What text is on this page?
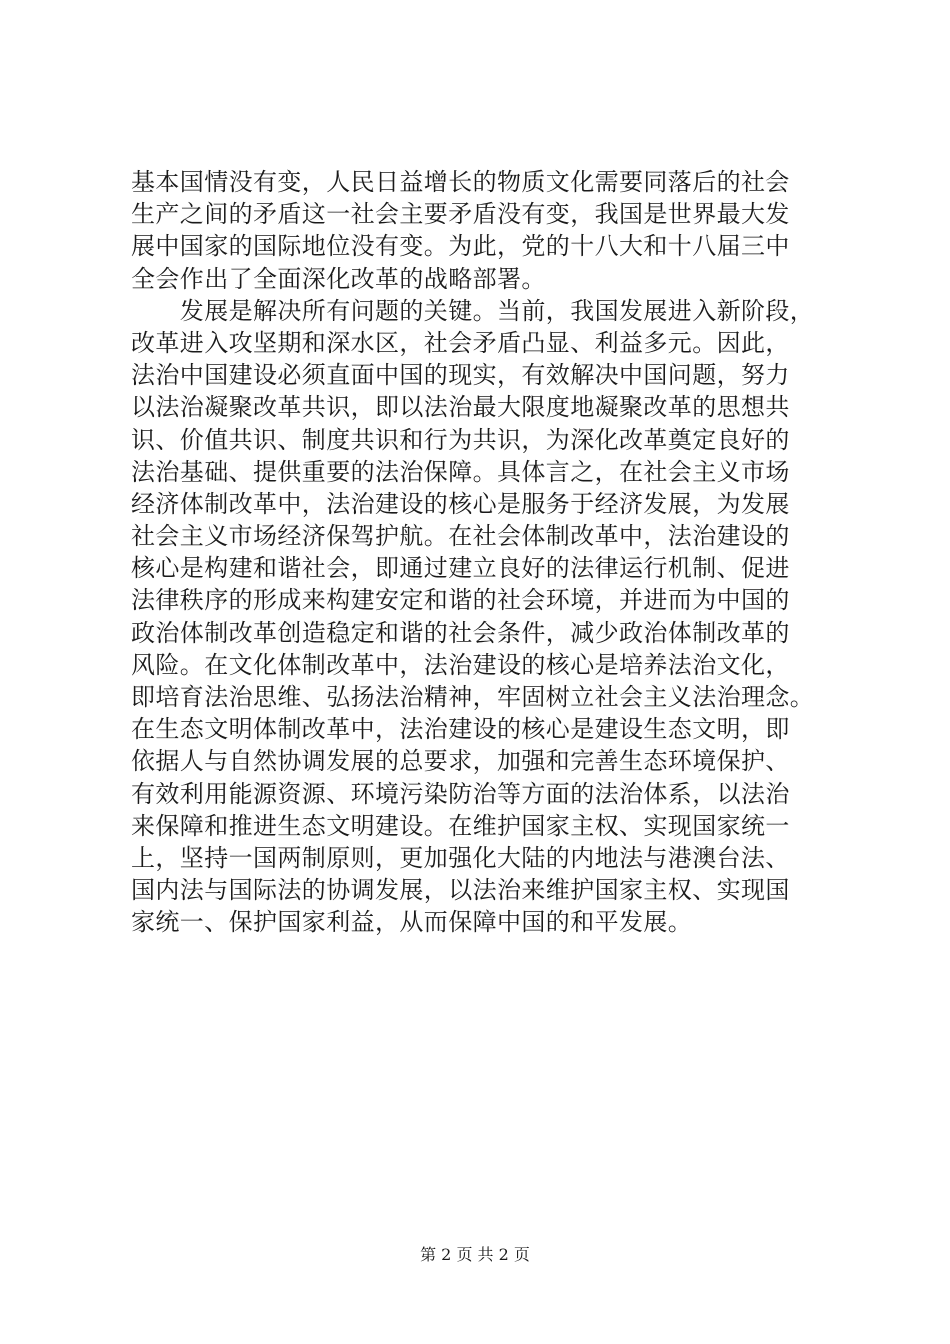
基本国情没有变，人民日益增长的物质文化需要同落后的社会
生产之间的矛盾这一社会主要矛盾没有变，我国是世界最大发
展中国家的国际地位没有变。为此，党的十八大和十八届三中
全会作出了全面深化改革的战略部署。
　　发展是解决所有问题的关键。当前，我国发展进入新阶段，
改革进入攻坚期和深水区，社会矛盾凸显、利益多元。因此，
法治中国建设必须直面中国的现实，有效解决中国问题，努力
以法治凝聚改革共识，即以法治最大限度地凝聚改革的思想共
识、价值共识、制度共识和行为共识，为深化改革奠定良好的
法治基础、提供重要的法治保障。具体言之，在社会主义市场
经济体制改革中，法治建设的核心是服务于经济发展，为发展
社会主义市场经济保驾护航。在社会体制改革中，法治建设的
核心是构建和谐社会，即通过建立良好的法律运行机制、促进
法律秩序的形成来构建安定和谐的社会环境，并进而为中国的
政治体制改革创造稳定和谐的社会条件，减少政治体制改革的
风险。在文化体制改革中，法治建设的核心是培养法治文化，
即培育法治思维、弘扬法治精神，牢固树立社会主义法治理念。
在生态文明体制改革中，法治建设的核心是建设生态文明，即
依据人与自然协调发展的总要求，加强和完善生态环境保护、
有效利用能源资源、环境污染防治等方面的法治体系，以法治
来保障和推进生态文明建设。在维护国家主权、实现国家统一
上，坚持一国两制原则，更加强化大陆的内地法与港澳台法、
国内法与国际法的协调发展，以法治来维护国家主权、实现国
家统一、保护国家利益，从而保障中国的和平发展。
第 2 页 共 2 页
